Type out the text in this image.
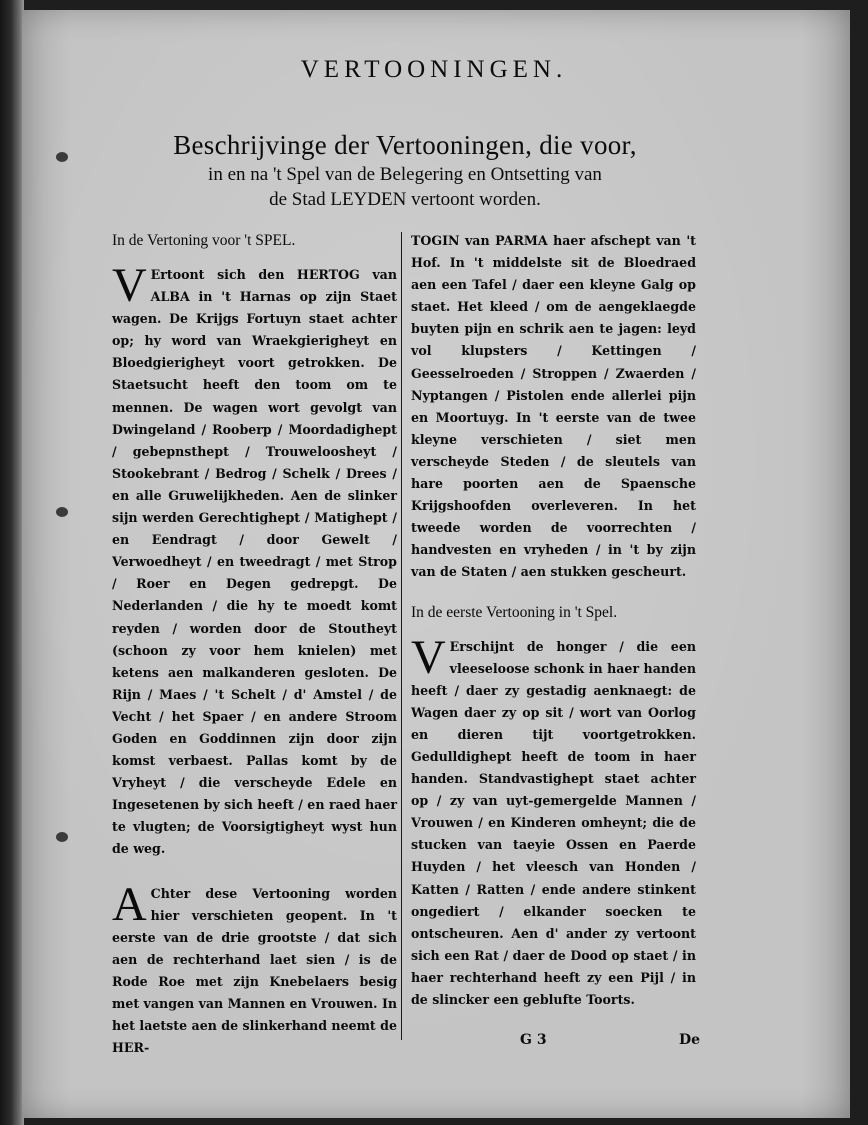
VERTOONINGEN.
Beschrijvinge der Vertooningen, die voor,
in en na 't Spel van de Belegering en Ontsetting van
de Stad LEYDEN vertoont worden.
In de Vertoning voor 't SPEL.

V Ertoont sich den HERTOG van ALBA in 't Harnas op zijn Staet wagen. De Krijgs Fortuyn staet achter op; hy word van Wraekgierigheyt en Bloedgierigheyt voort getrokken. De Staetsucht heeft den toom om te mennen. De wagen wort gevolgt van Dwingeland / Rooberp / Moordadighept / gebepnsthept / Trouweloosheyt / Stookebrant / Bedrog / Schelk / Drees / en alle Gruwelijkheden. Aen de slinker sijn werden Gerechtighept / Matighept / en Eendragt / door Gewelt / Verwoedheyt / en tweedragt / met Strop / Roer en Degen gedrepgt. De Nederlanden / die hy te moedt komt reyden / worden door de Stoutheyt (schoon zy voor hem knielen) met ketens aen malkanderen gesloten. De Rijn / Maes / 't Schelt / d' Amstel / de Vecht / het Spaer / en andere Stroom Goden en Goddinnen zijn door zijn komst verbaest. Pallas komt by de Vryheyt / die verscheyde Edele en Ingesetenen by sich heeft / en raed haer te vlugten; de Voorsigtigheyt wyst hun de weg.

A Chter dese Vertooning worden hier verschieten geopent. In 't eerste van de drie grootste / dat sich aen de rechterhand laet sien / is de Rode Roe met zijn Knebelaers besig met vangen van Mannen en Vrouwen. In het laetste aen de slinkerhand neemt de HER-

TOGIN van PARMA haer afschept van 't Hof. In 't middelste sit de Bloedraed aen een Tafel / daer een kleyne Galg op staet. Het kleed / om de aengeklaegde buyten pijn en schrik aen te jagen: leyd vol klupsters / Kettingen / Geesselroeden / Stroppen / Zwaerden / Nyptangen / Pistolen ende allerlei pijn en Moortuyg. In 't eerste van de twee kleyne verschieten / siet men verscheyde Steden / de sleutels van hare poorten aen de Spaensche Krijgshoofden overleveren. In het tweede worden de voorrechten / handvesten en vryheden / in 't by zijn van de Staten / aen stukken gescheurt.

In de eerste Vertooning in 't Spel.

V Erschijnt de honger / die een vleeseloose schonk in haer handen heeft / daer zy gestadig aenknaegt: de Wagen daer zy op sit / wort van Oorlog en dieren tijt voortgetrokken. Gedulldighept heeft de toom in haer handen. Standvastighept staet achter op / zy van uyt-gemergelde Mannen / Vrouwen / en Kinderen omheynt; die de stucken van taeyie Ossen en Paerde Huyden / het vleesch van Honden / Katten / Ratten / ende andere stinkent ongediert / elkander soecken te ontscheuren. Aen d' ander zy vertoont sich een Rat / daer de Dood op staet / in haer rechterhand heeft zy een Pijl / in de slincker een geblufte Toorts.

G 3	De
